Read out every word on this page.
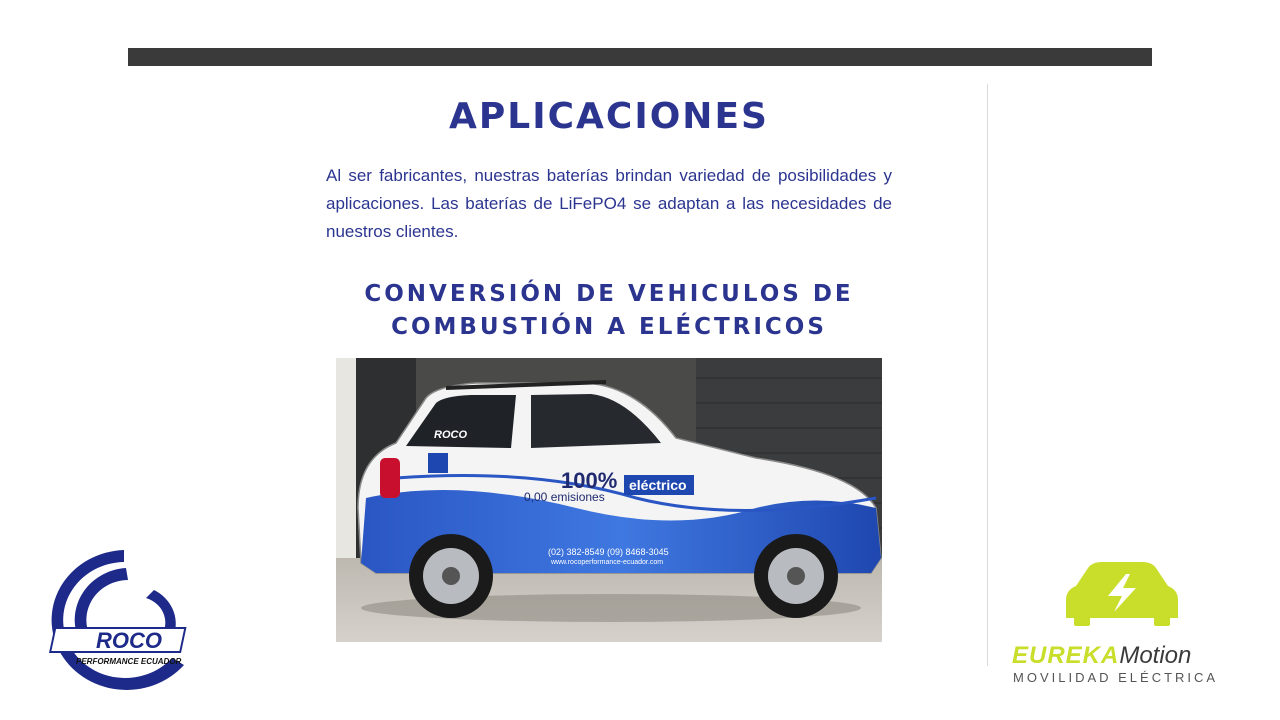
APLICACIONES
Al ser fabricantes, nuestras baterías brindan variedad de posibilidades y aplicaciones. Las baterías de LiFePO4 se adaptan a las necesidades de nuestros clientes.
CONVERSIÓN DE VEHICULOS DE
COMBUSTIÓN A ELÉCTRICOS
ROCO
100% eléctrico
0,00 emisiones
(02) 382-8549 (09) 8468-3045
www.rocoperformance-ecuador.com
ROCO
PERFORMANCE ECUADOR	EUREKAMotion
MOVILIDAD ELÉCTRICA
